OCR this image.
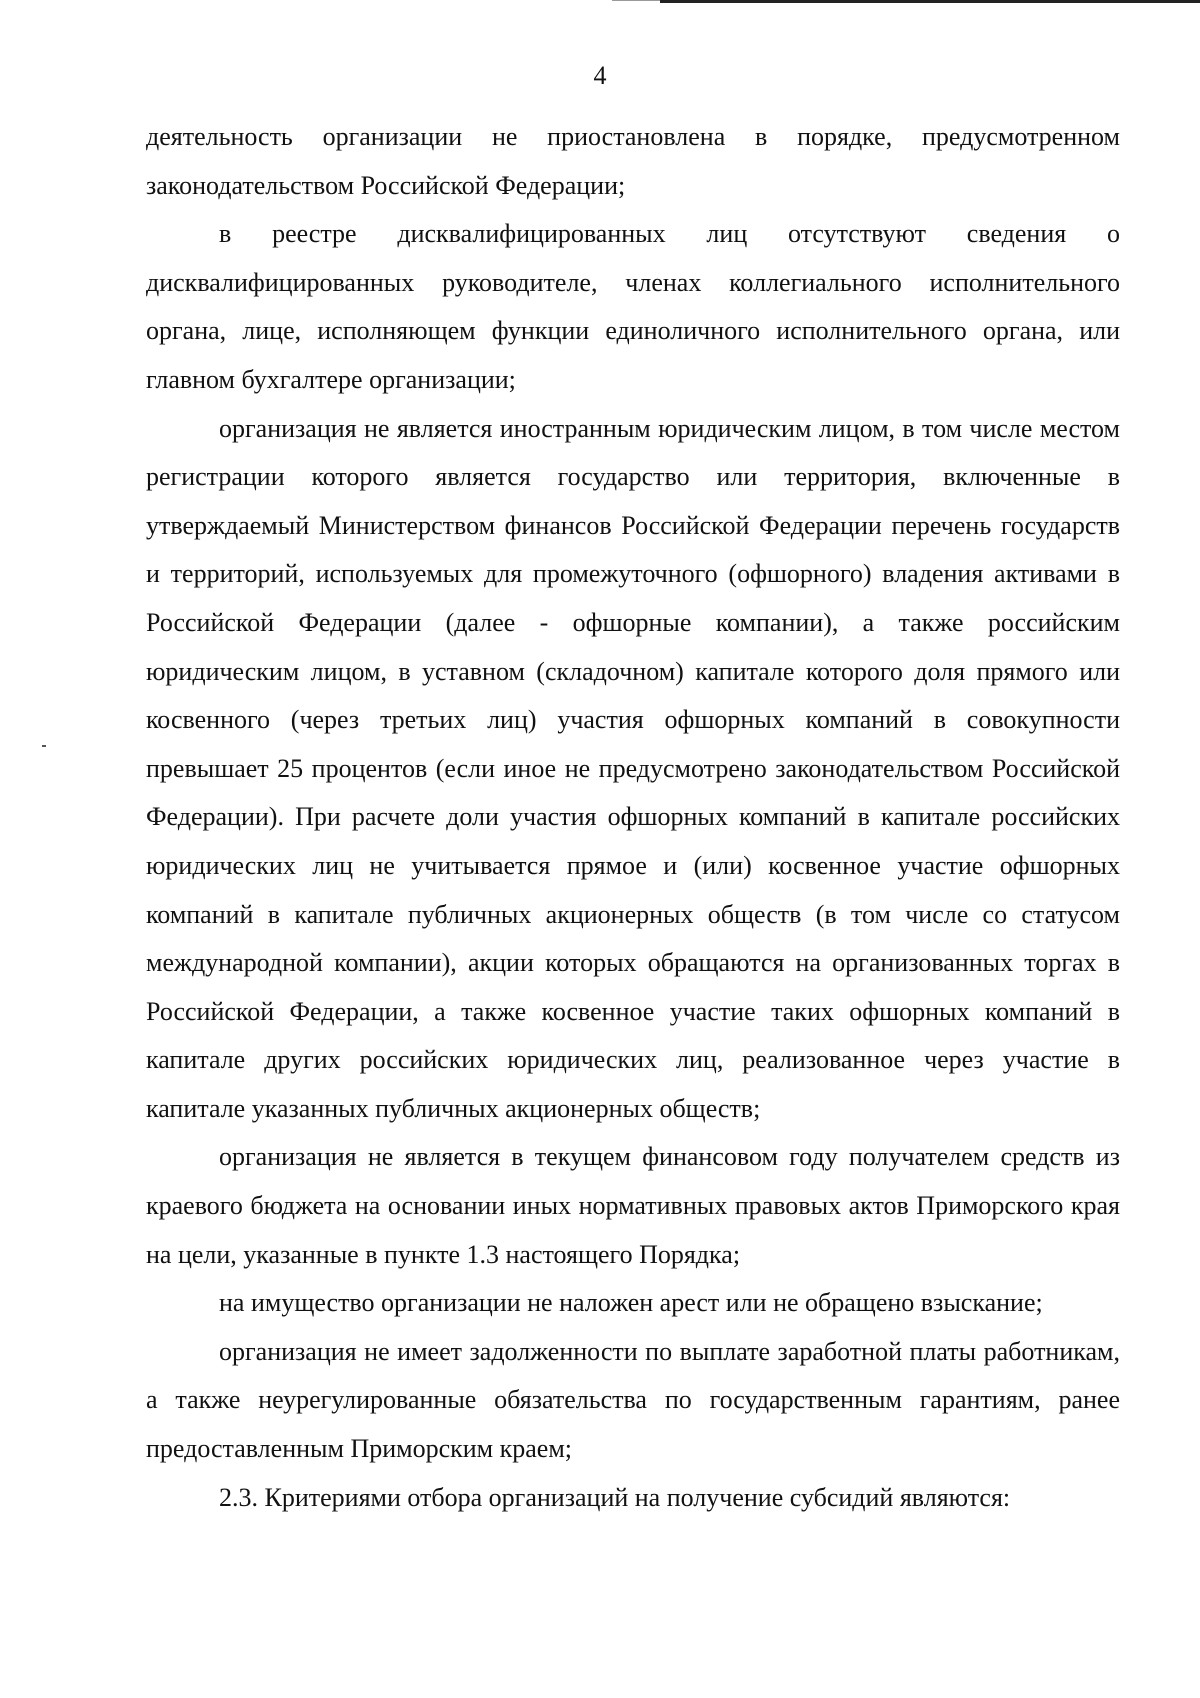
4

деятельность организации не приостановлена в порядке, предусмотренном законодательством Российской Федерации;

в реестре дисквалифицированных лиц отсутствуют сведения о дисквалифицированных руководителе, членах коллегиального исполнительного органа, лице, исполняющем функции единоличного исполнительного органа, или главном бухгалтере организации;

организация не является иностранным юридическим лицом, в том числе местом регистрации которого является государство или территория, включенные в утверждаемый Министерством финансов Российской Федерации перечень государств и территорий, используемых для промежуточного (офшорного) владения активами в Российской Федерации (далее - офшорные компании), а также российским юридическим лицом, в уставном (складочном) капитале которого доля прямого или косвенного (через третьих лиц) участия офшорных компаний в совокупности превышает 25 процентов (если иное не предусмотрено законодательством Российской Федерации). При расчете доли участия офшорных компаний в капитале российских юридических лиц не учитывается прямое и (или) косвенное участие офшорных компаний в капитале публичных акционерных обществ (в том числе со статусом международной компании), акции которых обращаются на организованных торгах в Российской Федерации, а также косвенное участие таких офшорных компаний в капитале других российских юридических лиц, реализованное через участие в капитале указанных публичных акционерных обществ;

организация не является в текущем финансовом году получателем средств из краевого бюджета на основании иных нормативных правовых актов Приморского края на цели, указанные в пункте 1.3 настоящего Порядка;

на имущество организации не наложен арест или не обращено взыскание;

организация не имеет задолженности по выплате заработной платы работникам, а также неурегулированные обязательства по государственным гарантиям, ранее предоставленным Приморским краем;

2.3. Критериями отбора организаций на получение субсидий являются:
